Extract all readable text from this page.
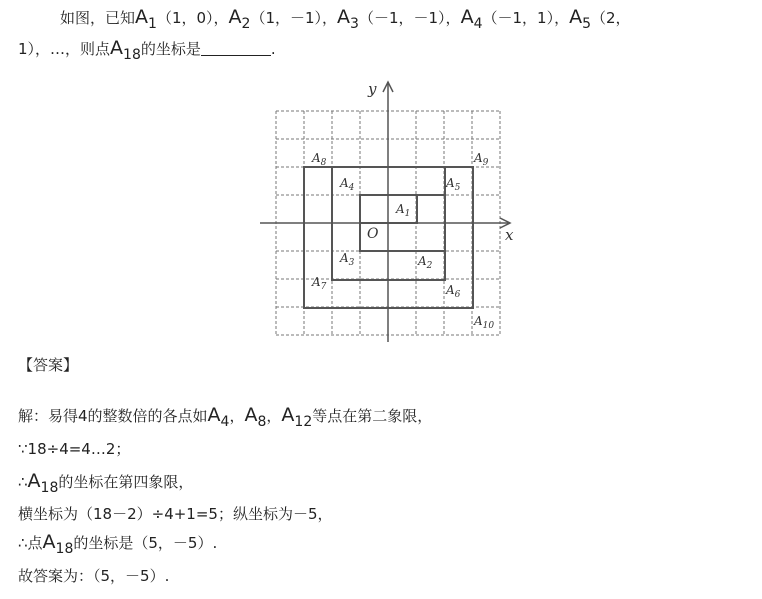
如图，已知$A_1(1$，0），$A_2(1$，－1），$A_3(-1$，－1），$A_4(-1$，1），$A_5(2$，
1），…，则点$A_{18}$的坐标是	.
x
y
O
$A_1$
$A_2$
$A_3$
$A_4$	$A_5$
$A_6$
$A_7$
$A_8$	$A_9$
$A_{10}$
【答案】
解：易得4的整数倍的各点如$A_4$，$A_8$，$A_{12}$等点在第二象限，
∵18÷4=4…2；
$\therefore A_{18}$的坐标在第四象限，
横坐标为（18－2）÷4+1=5；纵坐标为－5，
∴点$A_{18}$的坐标是（5，－5）.
故答案为：（5，－5）.
